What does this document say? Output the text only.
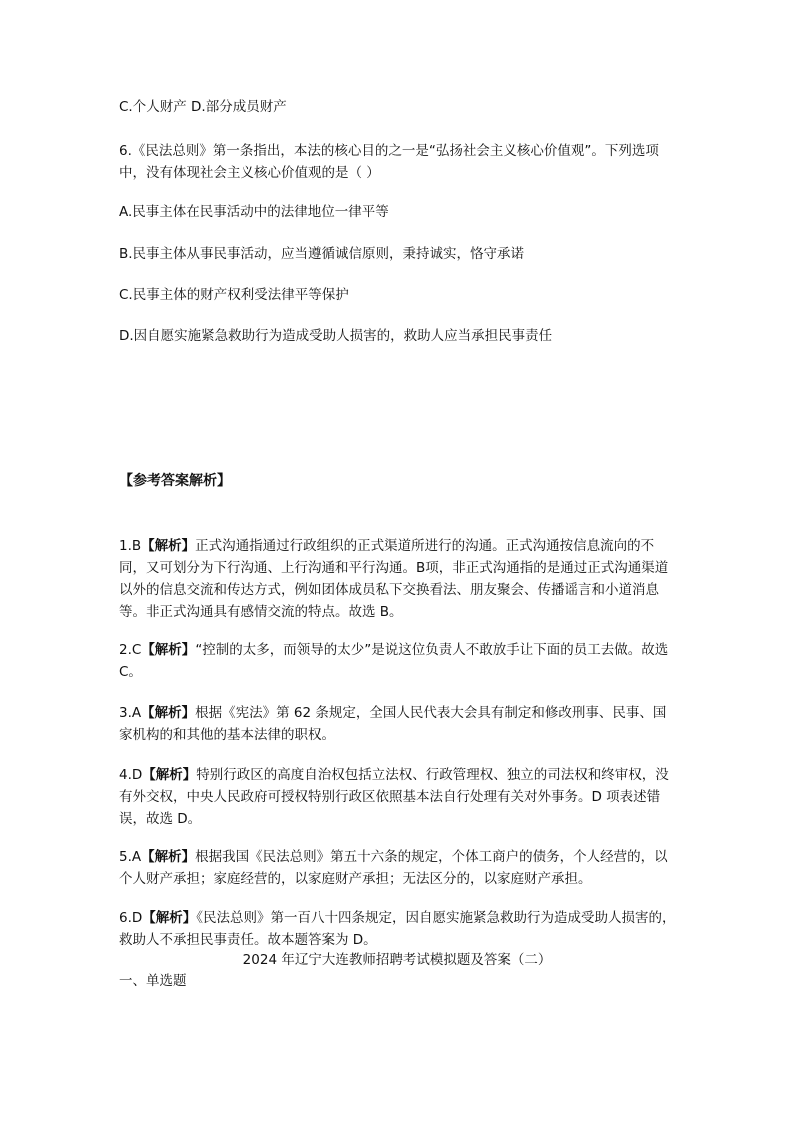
C.个人财产 D.部分成员财产
6.《民法总则》第一条指出，本法的核心目的之一是“弘扬社会主义核心价值观”。下列选项中，没有体现社会主义核心价值观的是（ ）
A.民事主体在民事活动中的法律地位一律平等
B.民事主体从事民事活动，应当遵循诚信原则，秉持诚实，恪守承诺
C.民事主体的财产权利受法律平等保护
D.因自愿实施紧急救助行为造成受助人损害的，救助人应当承担民事责任
【参考答案解析】
1.B【解析】正式沟通指通过行政组织的正式渠道所进行的沟通。正式沟通按信息流向的不同，又可划分为下行沟通、上行沟通和平行沟通。B项，非正式沟通指的是通过正式沟通渠道以外的信息交流和传达方式，例如团体成员私下交换看法、朋友聚会、传播谣言和小道消息等。非正式沟通具有感情交流的特点。故选 B。
2.C【解析】“控制的太多，而领导的太少”是说这位负责人不敢放手让下面的员工去做。故选 C。
3.A【解析】根据《宪法》第 62 条规定，全国人民代表大会具有制定和修改刑事、民事、国家机构的和其他的基本法律的职权。
4.D【解析】特别行政区的高度自治权包括立法权、行政管理权、独立的司法权和终审权，没有外交权，中央人民政府可授权特别行政区依照基本法自行处理有关对外事务。D 项表述错误，故选 D。
5.A【解析】根据我国《民法总则》第五十六条的规定，个体工商户的债务，个人经营的，以个人财产承担；家庭经营的，以家庭财产承担；无法区分的，以家庭财产承担。
6.D【解析】《民法总则》第一百八十四条规定，因自愿实施紧急救助行为造成受助人损害的，救助人不承担民事责任。故本题答案为 D。
2024 年辽宁大连教师招聘考试模拟题及答案（二）
一、单选题
